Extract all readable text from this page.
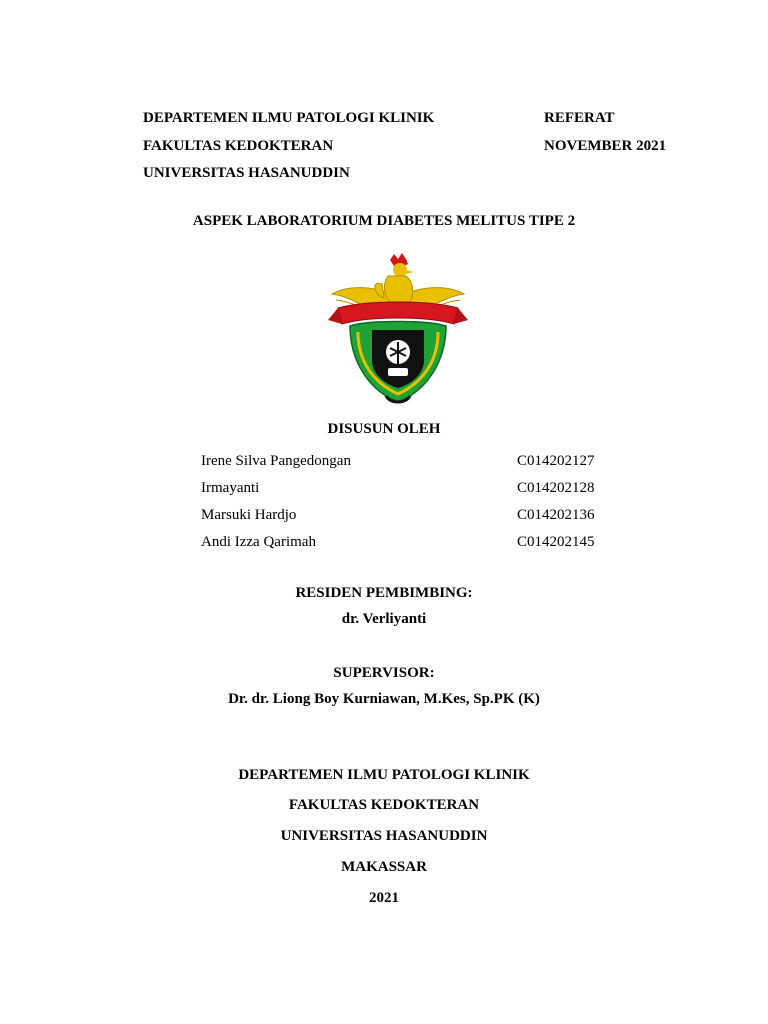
DEPARTEMEN ILMU PATOLOGI KLINIK
FAKULTAS KEDOKTERAN
UNIVERSITAS HASANUDDIN
REFERAT
NOVEMBER 2021
ASPEK LABORATORIUM DIABETES MELITUS TIPE 2
DISUSUN OLEH
Irene Silva Pangedongan	C014202127
Irmayanti	C014202128
Marsuki Hardjo	C014202136
Andi Izza Qarimah	C014202145
RESIDEN PEMBIMBING:
dr. Verliyanti
SUPERVISOR:
Dr. dr. Liong Boy Kurniawan, M.Kes, Sp.PK (K)
DEPARTEMEN ILMU PATOLOGI KLINIK
FAKULTAS KEDOKTERAN
UNIVERSITAS HASANUDDIN
MAKASSAR
2021
